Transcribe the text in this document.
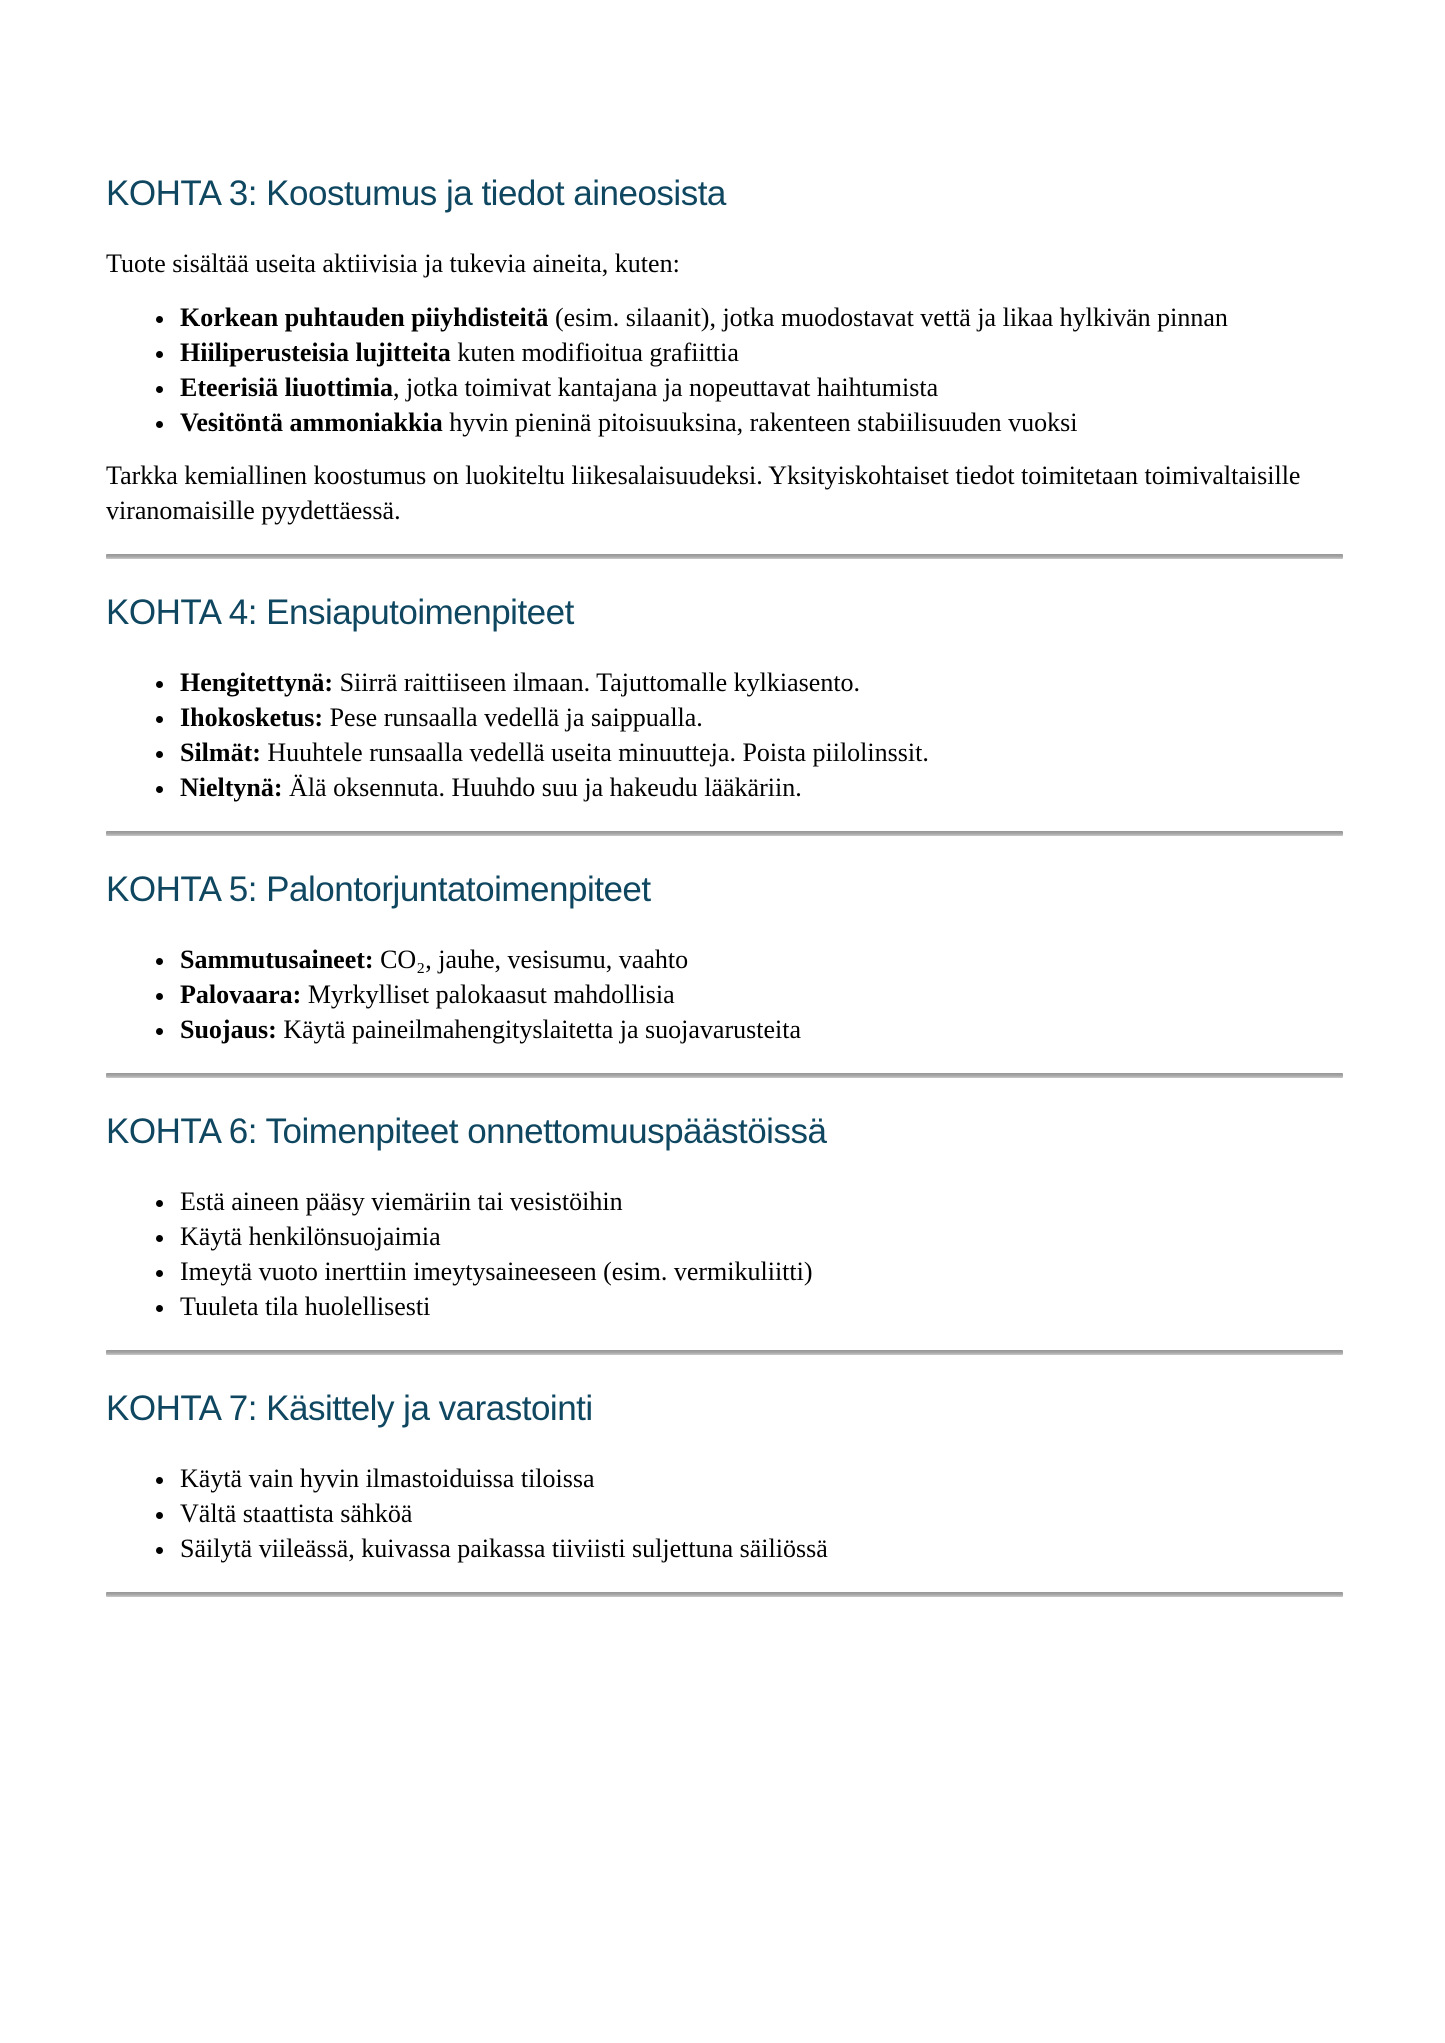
KOHTA 3: Koostumus ja tiedot aineosista

Tuote sisältää useita aktiivisia ja tukevia aineita, kuten:

• Korkean puhtauden piiyhdisteitä (esim. silaanit), jotka muodostavat vettä ja likaa hylkivän pinnan
• Hiiliperusteisia lujitteita kuten modifioitua grafiittia
• Eteerisiä liuottimia, jotka toimivat kantajana ja nopeuttavat haihtumista
• Vesitöntä ammoniakkia hyvin pieninä pitoisuuksina, rakenteen stabiilisuuden vuoksi

Tarkka kemiallinen koostumus on luokiteltu liikesalaisuudeksi. Yksityiskohtaiset tiedot toimitetaan toimivaltaisille viranomaisille pyydettäessä.

KOHTA 4: Ensiaputoimenpiteet
• Hengitettynä: Siirrä raittiiseen ilmaan. Tajuttomalle kylkiasento.
• Ihokosketus: Pese runsaalla vedellä ja saippualla.
• Silmät: Huuhtele runsaalla vedellä useita minuutteja. Poista piilolinssit.
• Nieltynä: Älä oksennuta. Huuhdo suu ja hakeudu lääkäriin.
KOHTA 5: Palontorjuntatoimenpiteet
• Sammutusaineet: CO₂, jauhe, vesisumu, vaahto
• Palovaara: Myrkylliset palokaasut mahdollisia
• Suojaus: Käytä paineilmahengityslaitetta ja suojavarusteita
KOHTA 6: Toimenpiteet onnettomuuspäästöissä
• Estä aineen pääsy viemäriin tai vesistöihin
• Käytä henkilönsuojaimia
• Imeytä vuoto inerttiin imeytysaineeseen (esim. vermikuliitti)
• Tuuleta tila huolellisesti
KOHTA 7: Käsittely ja varastointi
• Käytä vain hyvin ilmastoiduissa tiloissa
• Vältä staattista sähköä
• Säilytä viileässä, kuivassa paikassa tiiviisti suljettuna säiliössä
